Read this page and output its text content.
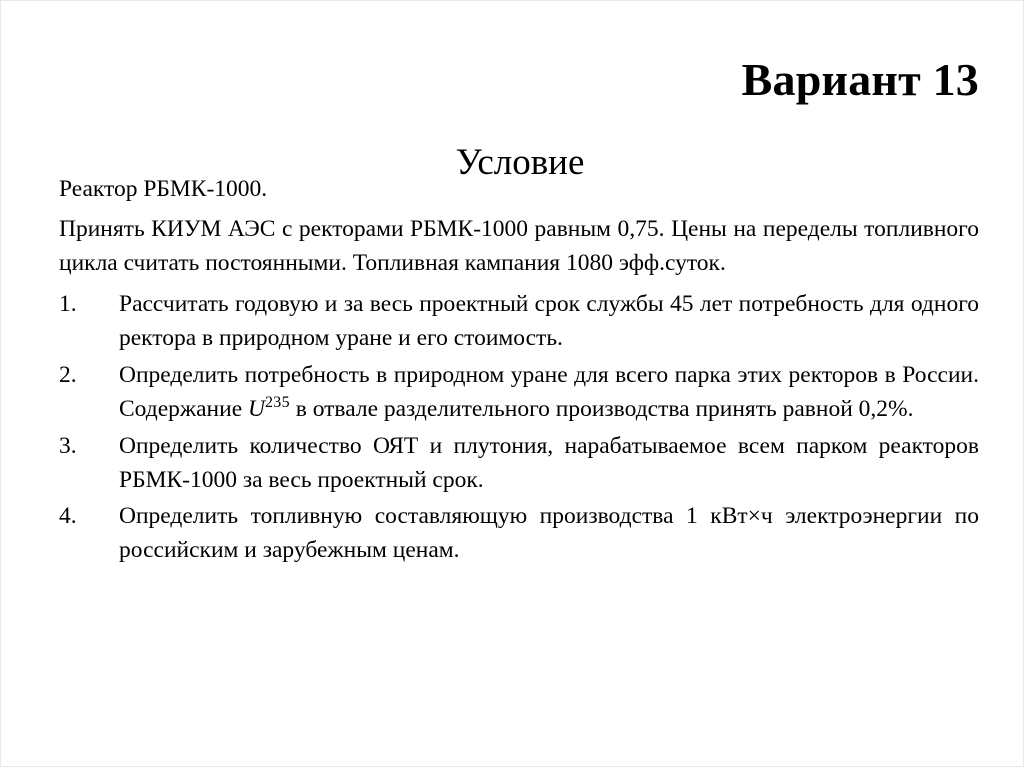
Вариант 13
Условие

Реактор РБМК-1000.

Принять КИУМ АЭС с ректорами РБМК-1000 равным 0,75. Цены на переделы топливного цикла считать постоянными. Топливная кампания 1080 эфф.суток.

1.	Рассчитать годовую и за весь проектный срок службы 45 лет потребность для одного ректора в природном уране и его стоимость.
2.	Определить потребность в природном уране для всего парка этих ректоров в России. Содержание $U^{235}$ в отвале разделительного производства принять равной 0,2%.
3.	Определить количество ОЯТ и плутония, нарабатываемое всем парком реакторов РБМК-1000 за весь проектный срок.
4.	Определить топливную составляющую производства 1 кВт×ч электроэнергии по российским и зарубежным ценам.
